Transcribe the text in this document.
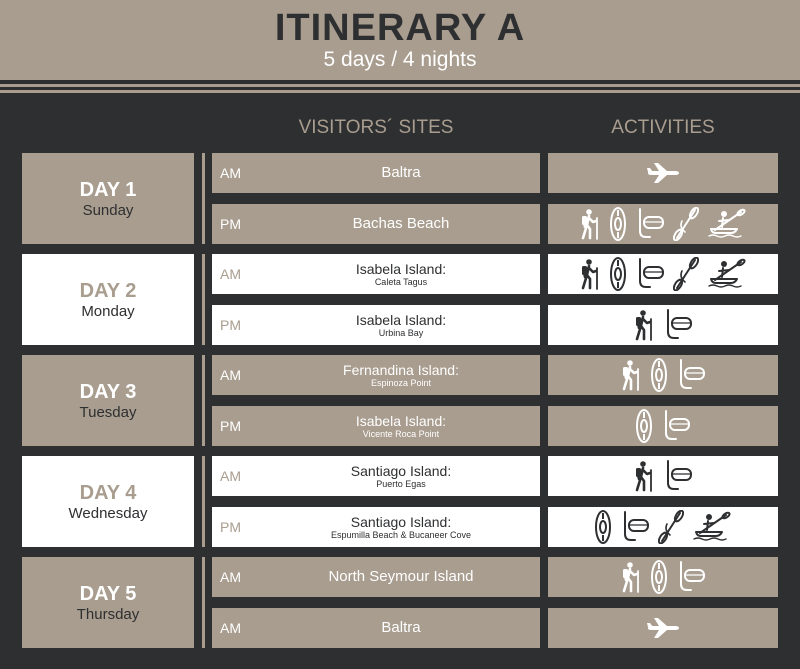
ITINERARY A
5 days / 4 nights
VISITORS´ SITES	ACTIVITIES
DAY 1
Sunday
AM	Baltra
PM	Bachas Beach
DAY 2
Monday
AM	Isabela Island:
Caleta Tagus
PM	Isabela Island:
Urbina Bay
DAY 3
Tuesday
AM	Fernandina Island:
Espinoza Point
PM	Isabela Island:
Vicente Roca Point
DAY 4
Wednesday
AM	Santiago Island:
Puerto Egas
PM	Santiago Island:
Espumilla Beach & Bucaneer Cove
DAY 5
Thursday
AM	North Seymour Island
AM	Baltra
